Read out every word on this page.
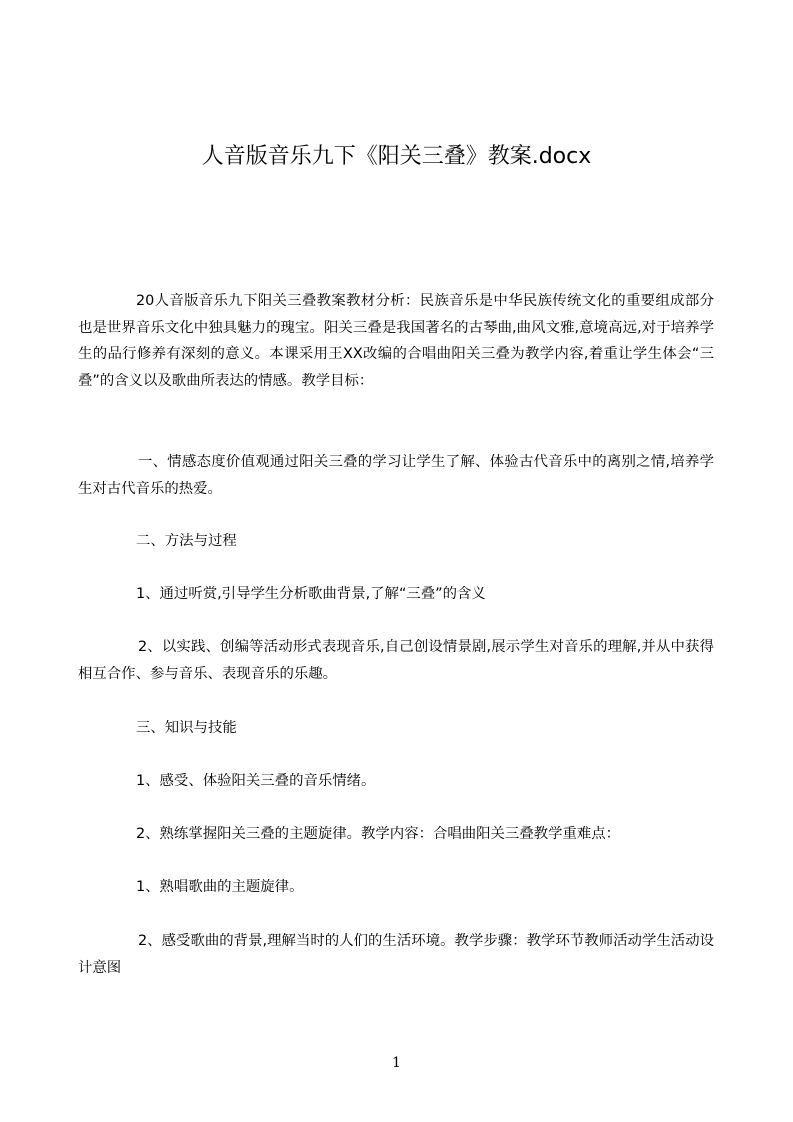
人音版音乐九下《阳关三叠》教案.docx
20人音版音乐九下阳关三叠教案教材分析：民族音乐是中华民族传统文化的重要组成部分也是世界音乐文化中独具魅力的瑰宝。阳关三叠是我国著名的古琴曲,曲风文雅,意境高远,对于培养学生的品行修养有深刻的意义。本课采用王XX改编的合唱曲阳关三叠为教学内容,着重让学生体会“三叠”的含义以及歌曲所表达的情感。教学目标：
一、情感态度价值观通过阳关三叠的学习让学生了解、体验古代音乐中的离别之情,培养学生对古代音乐的热爱。
二、方法与过程
1、通过听赏,引导学生分析歌曲背景,了解“三叠”的含义
2、以实践、创编等活动形式表现音乐,自己创设情景剧,展示学生对音乐的理解,并从中获得相互合作、参与音乐、表现音乐的乐趣。
三、知识与技能
1、感受、体验阳关三叠的音乐情绪。
2、熟练掌握阳关三叠的主题旋律。教学内容：合唱曲阳关三叠教学重难点：
1、熟唱歌曲的主题旋律。
2、感受歌曲的背景,理解当时的人们的生活环境。教学步骤：教学环节教师活动学生活动设计意图
1
